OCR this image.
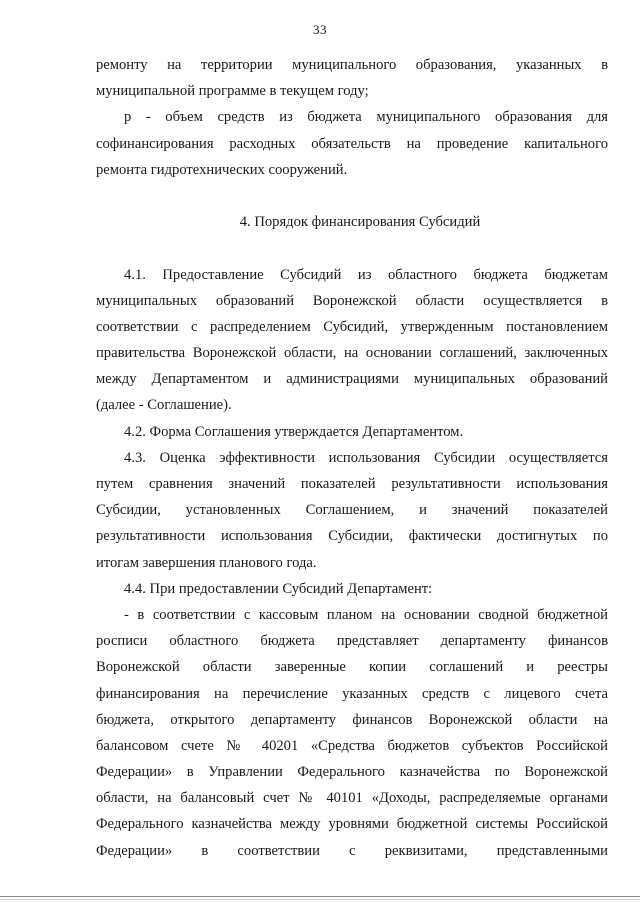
33
ремонту на территории муниципального образования, указанных в
муниципальной программе в текущем году;
р - объем средств из бюджета муниципального образования для
софинансирования расходных обязательств на проведение капитального
ремонта гидротехнических сооружений.
4. Порядок финансирования Субсидий
4.1. Предоставление Субсидий из областного бюджета бюджетам
муниципальных образований Воронежской области осуществляется в
соответствии с распределением Субсидий, утвержденным постановлением
правительства Воронежской области, на основании соглашений, заключенных
между Департаментом и администрациями муниципальных образований
(далее - Соглашение).
4.2. Форма Соглашения утверждается Департаментом.
4.3. Оценка эффективности использования Субсидии осуществляется
путем сравнения значений показателей результативности использования
Субсидии, установленных Соглашением, и значений показателей
результативности использования Субсидии, фактически достигнутых по
итогам завершения планового года.
4.4. При предоставлении Субсидий Департамент:
- в соответствии с кассовым планом на основании сводной бюджетной
росписи областного бюджета представляет департаменту финансов
Воронежской области заверенные копии соглашений и реестры
финансирования на перечисление указанных средств с лицевого счета
бюджета, открытого департаменту финансов Воронежской области на
балансовом счете № 40201 «Средства бюджетов субъектов Российской
Федерации» в Управлении Федерального казначейства по Воронежской
области, на балансовый счет № 40101 «Доходы, распределяемые органами
Федерального казначейства между уровнями бюджетной системы Российской
Федерации» в соответствии с реквизитами, представленными
